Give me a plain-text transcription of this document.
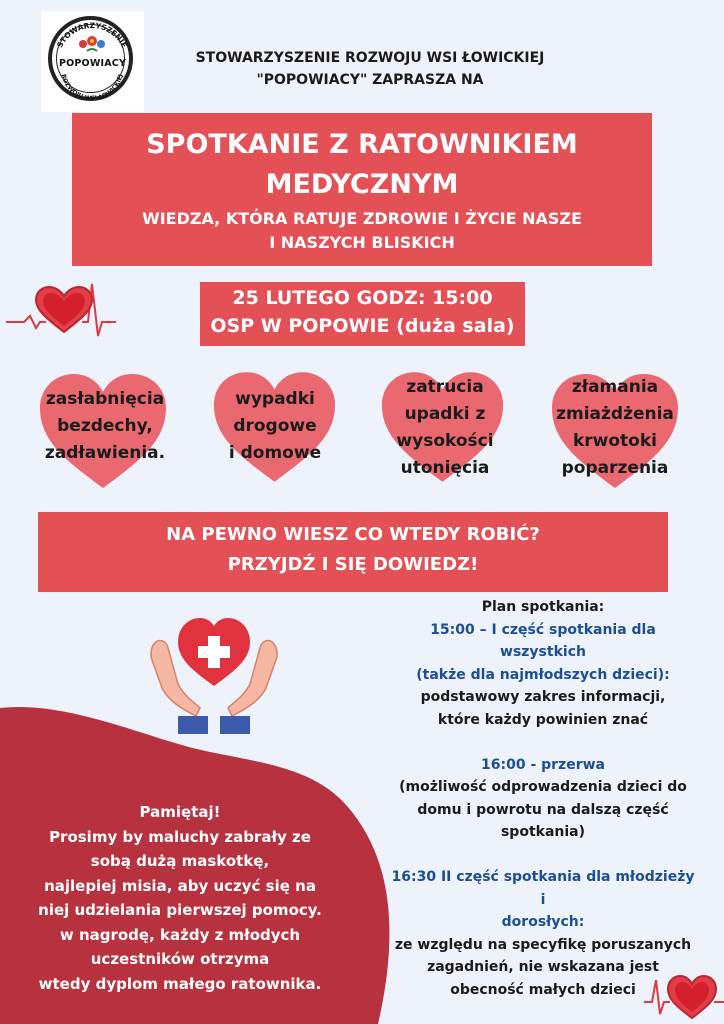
STOWARZYSZENIE
ROZWOJU WSI ŁOWICKIEJ
POPOWIACY	STOWARZYSZENIE ROZWOJU WSI ŁOWICKIEJ
"POPOWIACY" ZAPRASZA NA
SPOTKANIE Z RATOWNIKIEM
MEDYCZNYM
WIEDZA, KTÓRA RATUJE ZDROWIE I ŻYCIE NASZE
I NASZYCH BLISKICH
25 LUTEGO GODZ: 15:00
OSP W POPOWIE (duża sala)
zasłabnięcia
bezdechy,
zadławienia.
wypadki
drogowe
i domowe
zatrucia
upadki z
wysokości
utonięcia
złamania
zmiażdżenia
krwotoki
poparzenia
NA PEWNO WIESZ CO WTEDY ROBIĆ?
PRZYJDŹ I SIĘ DOWIEDZ!
Plan spotkania:
15:00 – I część spotkania dla
wszystkich
(także dla najmłodszych dzieci):
podstawowy zakres informacji,
które każdy powinien znać
16:00 - przerwa
(możliwość odprowadzenia dzieci do
domu i powrotu na dalszą część
spotkania)
16:30 II część spotkania dla młodzieży
i
dorosłych:
ze względu na specyfikę poruszanych
zagadnień, nie wskazana jest
obecność małych dzieci
Pamiętaj!
Prosimy by maluchy zabrały ze
sobą dużą maskotkę,
najlepiej misia, aby uczyć się na
niej udzielania pierwszej pomocy.
w nagrodę, każdy z młodych
uczestników otrzyma
wtedy dyplom małego ratownika.
